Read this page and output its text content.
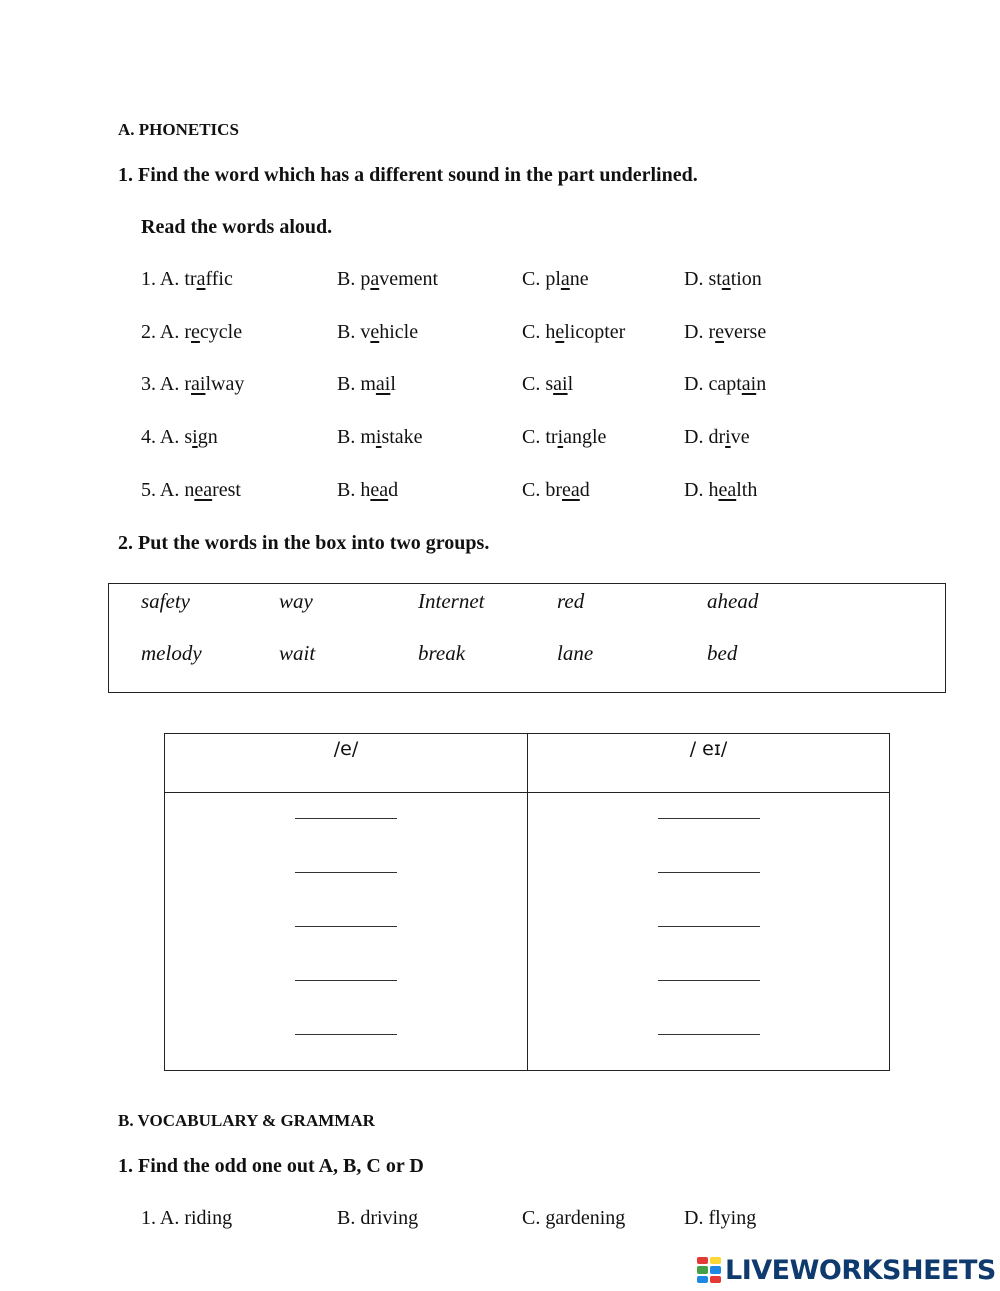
A. PHONETICS
1. Find the word which has a different sound in the part underlined.
Read the words aloud.
1. A. traffic	B. pavement	C. plane	D. station
2. A. recycle	B. vehicle	C. helicopter	D. reverse
3. A. railway	B. mail	C. sail	D. captain
4. A. sign	B. mistake	C. triangle	D. drive
5. A. nearest	B. head	C. bread	D. health
2. Put the words in the box into two groups.
safety	way	Internet	red	ahead
melody	wait	break	lane	bed
/e/	/ eɪ/

B. VOCABULARY & GRAMMAR
1. Find the odd one out A, B, C or D
1. A. riding	B. driving	C. gardening	D. flying
LIVEWORKSHEETS
